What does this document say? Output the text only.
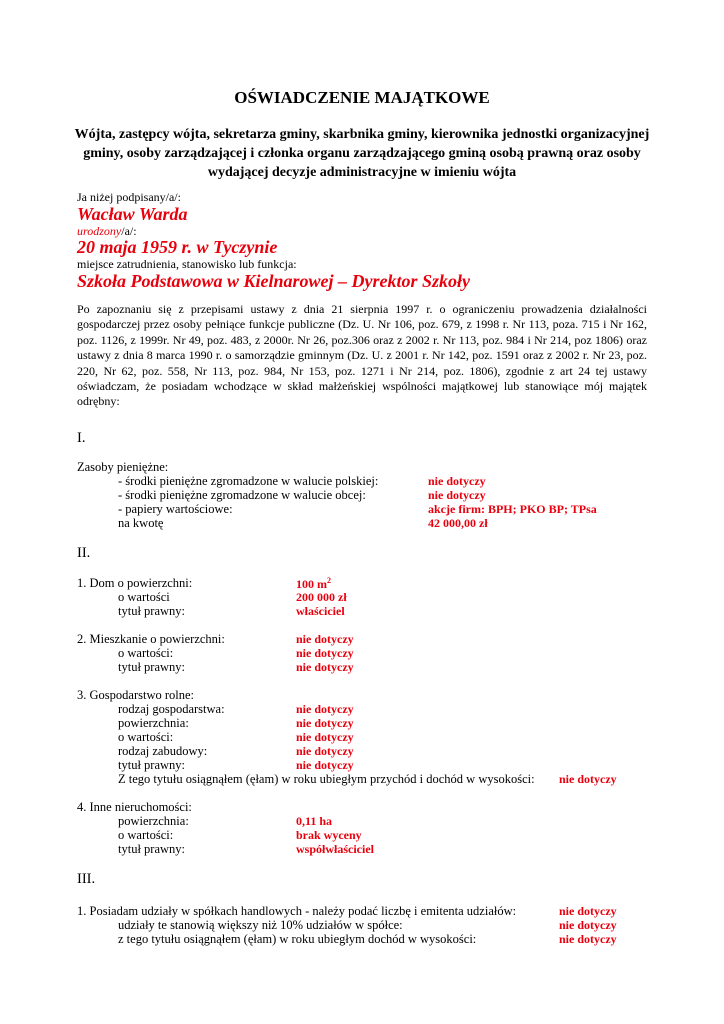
OŚWIADCZENIE MAJĄTKOWE
Wójta, zastępcy wójta, sekretarza gminy, skarbnika gminy, kierownika jednostki organizacyjnej gminy, osoby zarządzającej i członka organu zarządzającego gminą osobą prawną oraz osoby wydającej decyzje administracyjne w imieniu wójta
Ja niżej podpisany/a/:
Wacław Warda
urodzony/a/:
20 maja 1959 r. w Tyczynie
miejsce zatrudnienia, stanowisko lub funkcja:
Szkoła Podstawowa w Kielnarowej – Dyrektor Szkoły
Po zapoznaniu się z przepisami ustawy z dnia 21 sierpnia 1997 r. o ograniczeniu prowadzenia działalności gospodarczej przez osoby pełniące funkcje publiczne (Dz. U. Nr 106, poz. 679, z 1998 r. Nr 113, poza. 715 i Nr 162, poz. 1126, z 1999r. Nr 49, poz. 483, z 2000r. Nr 26, poz.306 oraz z 2002 r. Nr 113, poz. 984 i Nr 214, poz 1806) oraz ustawy z dnia 8 marca 1990 r. o samorządzie gminnym (Dz. U. z 2001 r. Nr 142, poz. 1591 oraz z 2002 r. Nr 23, poz. 220, Nr 62, poz. 558, Nr 113, poz. 984, Nr 153, poz. 1271 i Nr 214, poz. 1806), zgodnie z art 24 tej ustawy oświadczam, że posiadam wchodzące w skład małżeńskiej wspólności majątkowej lub stanowiące mój majątek odrębny:
I.
Zasoby pieniężne:
- środki pieniężne zgromadzone w walucie polskiej:	nie dotyczy
- środki pieniężne zgromadzone w walucie obcej:	nie dotyczy
- papiery wartościowe:	akcje firm: BPH; PKO BP; TPsa
na kwotę	42 000,00 zł
II.
1. Dom o powierzchni:	100 $m^2$
o wartości	200 000 zł
tytuł prawny:	właściciel
2. Mieszkanie o powierzchni:	nie dotyczy
o wartości:	nie dotyczy
tytuł prawny:	nie dotyczy
3. Gospodarstwo rolne:
rodzaj gospodarstwa:	nie dotyczy
powierzchnia:	nie dotyczy
o wartości:	nie dotyczy
rodzaj zabudowy:	nie dotyczy
tytuł prawny:	nie dotyczy
Z tego tytułu osiągnąłem (ęłam) w roku ubiegłym przychód i dochód w wysokości: nie dotyczy
4. Inne nieruchomości:
powierzchnia:	0,11 ha
o wartości:	brak wyceny
tytuł prawny:	współwłaściciel
III.
1. Posiadam udziały w spółkach handlowych - należy podać liczbę i emitenta udziałów:	nie dotyczy
udziały te stanowią większy niż 10% udziałów w spółce:	nie dotyczy
z tego tytułu osiągnąłem (ęłam) w roku ubiegłym dochód w wysokości:	nie dotyczy
